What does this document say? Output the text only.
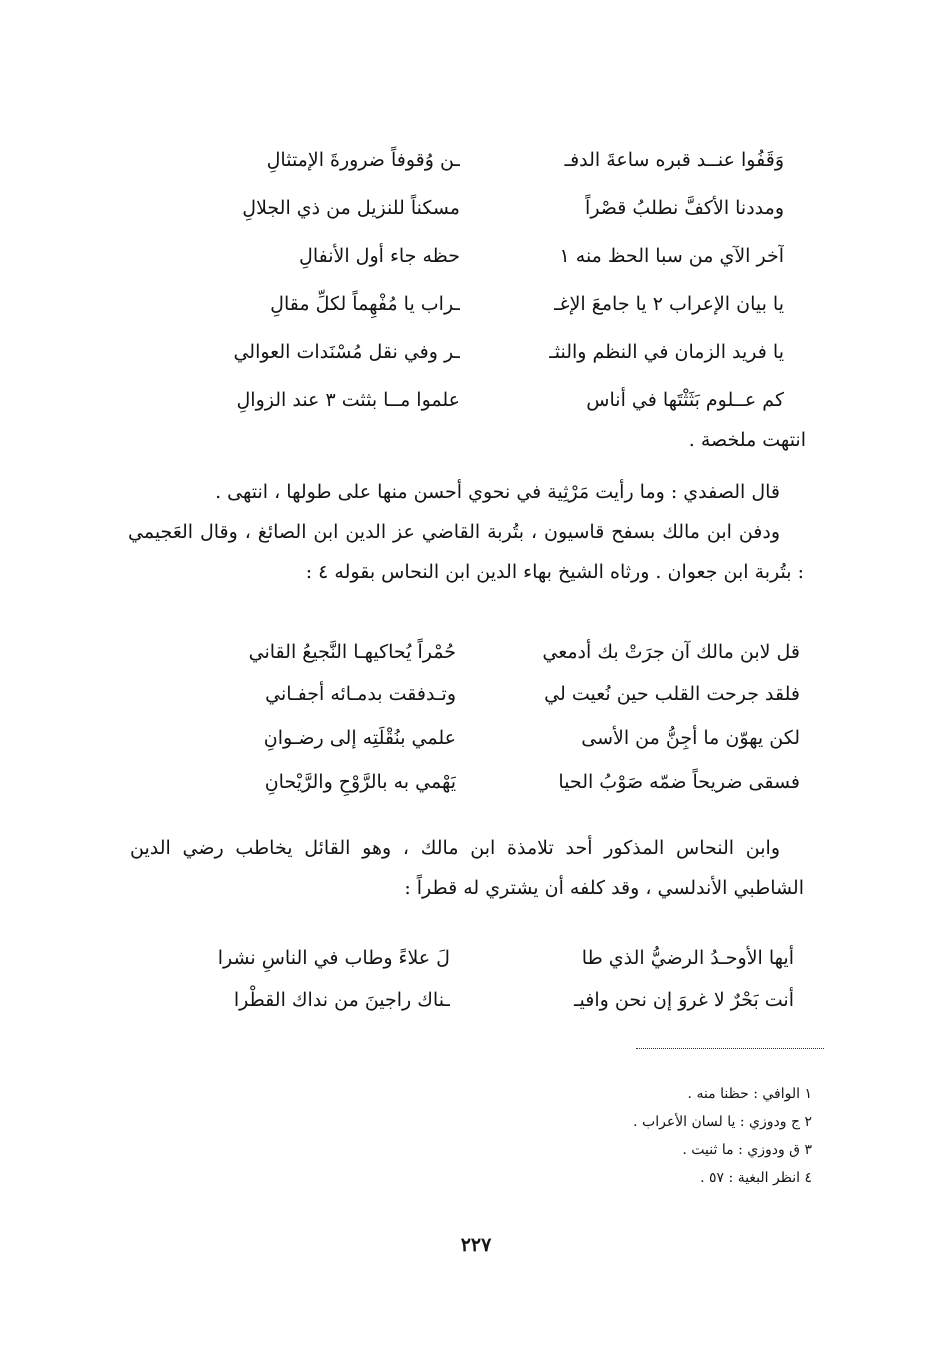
وَقَفُوا عنــد قبره ساعةَ الدفـ
ـن وُقوفاً ضرورةَ الإمتثالِ
ومددنا الأكفَّ نطلبُ قصْراً
مسكناً للنزيل من ذي الجلالِ
آخر الآي من سبا الحظ منه ١
حظه جاء أول الأنفالِ
يا بيان الإعراب ٢ يا جامعَ الإغـ
ـراب يا مُفْهِماً لكلِّ مقالِ
يا فريد الزمان في النظم والنثـ
ـر وفي نقل مُسْنَدات العوالي
كم عــلوم بَثَثْتَها في أناس
علموا مــا بثثت ٣ عند الزوالِ
انتهت ملخصة .

قال الصفدي : وما رأيت مَرْثِية في نحوي أحسن منها على طولها ، انتهى .

ودفن ابن مالك بسفح قاسيون ، بتُربة القاضي عز الدين ابن الصائغ ، وقال العَجيمي : بتُربة ابن جعوان . ورثاه الشيخ بهاء الدين ابن النحاس بقوله ٤ :

قل لابن مالك آن جرَتْ بك أدمعي
حُمْراً يُحاكيهـا النَّجيعُ القاني
فلقد جرحت القلب حين نُعيت لي
وتـدفقت بدمـائه أجفـاني
لكن يهوّن ما أجِنُّ من الأسى
علمي بنُقْلَتِه إلى رضـوانِ
فسقى ضريحاً ضمّه صَوْبُ الحيا
يَهْمي به بالرَّوْحِ والرَّيْحانِ
وابن النحاس المذكور أحد تلامذة ابن مالك ، وهو القائل يخاطب رضي الدين الشاطبي الأندلسي ، وقد كلفه أن يشتري له قطراً :
أيها الأوحـدُ الرضيُّ الذي طا
لَ علاءً وطاب في الناسِ نشرا
أنت بَحْرٌ لا غروَ إن نحن وافيـ
ـناك راجينَ من نداك القطْرا
١ الوافي : حظنا منه .
٢ ج ودوزي : يا لسان الأعراب .
٣ ق ودوزي : ما ثنيت .
٤ انظر البغية : ٥٧ .
٢٢٧
